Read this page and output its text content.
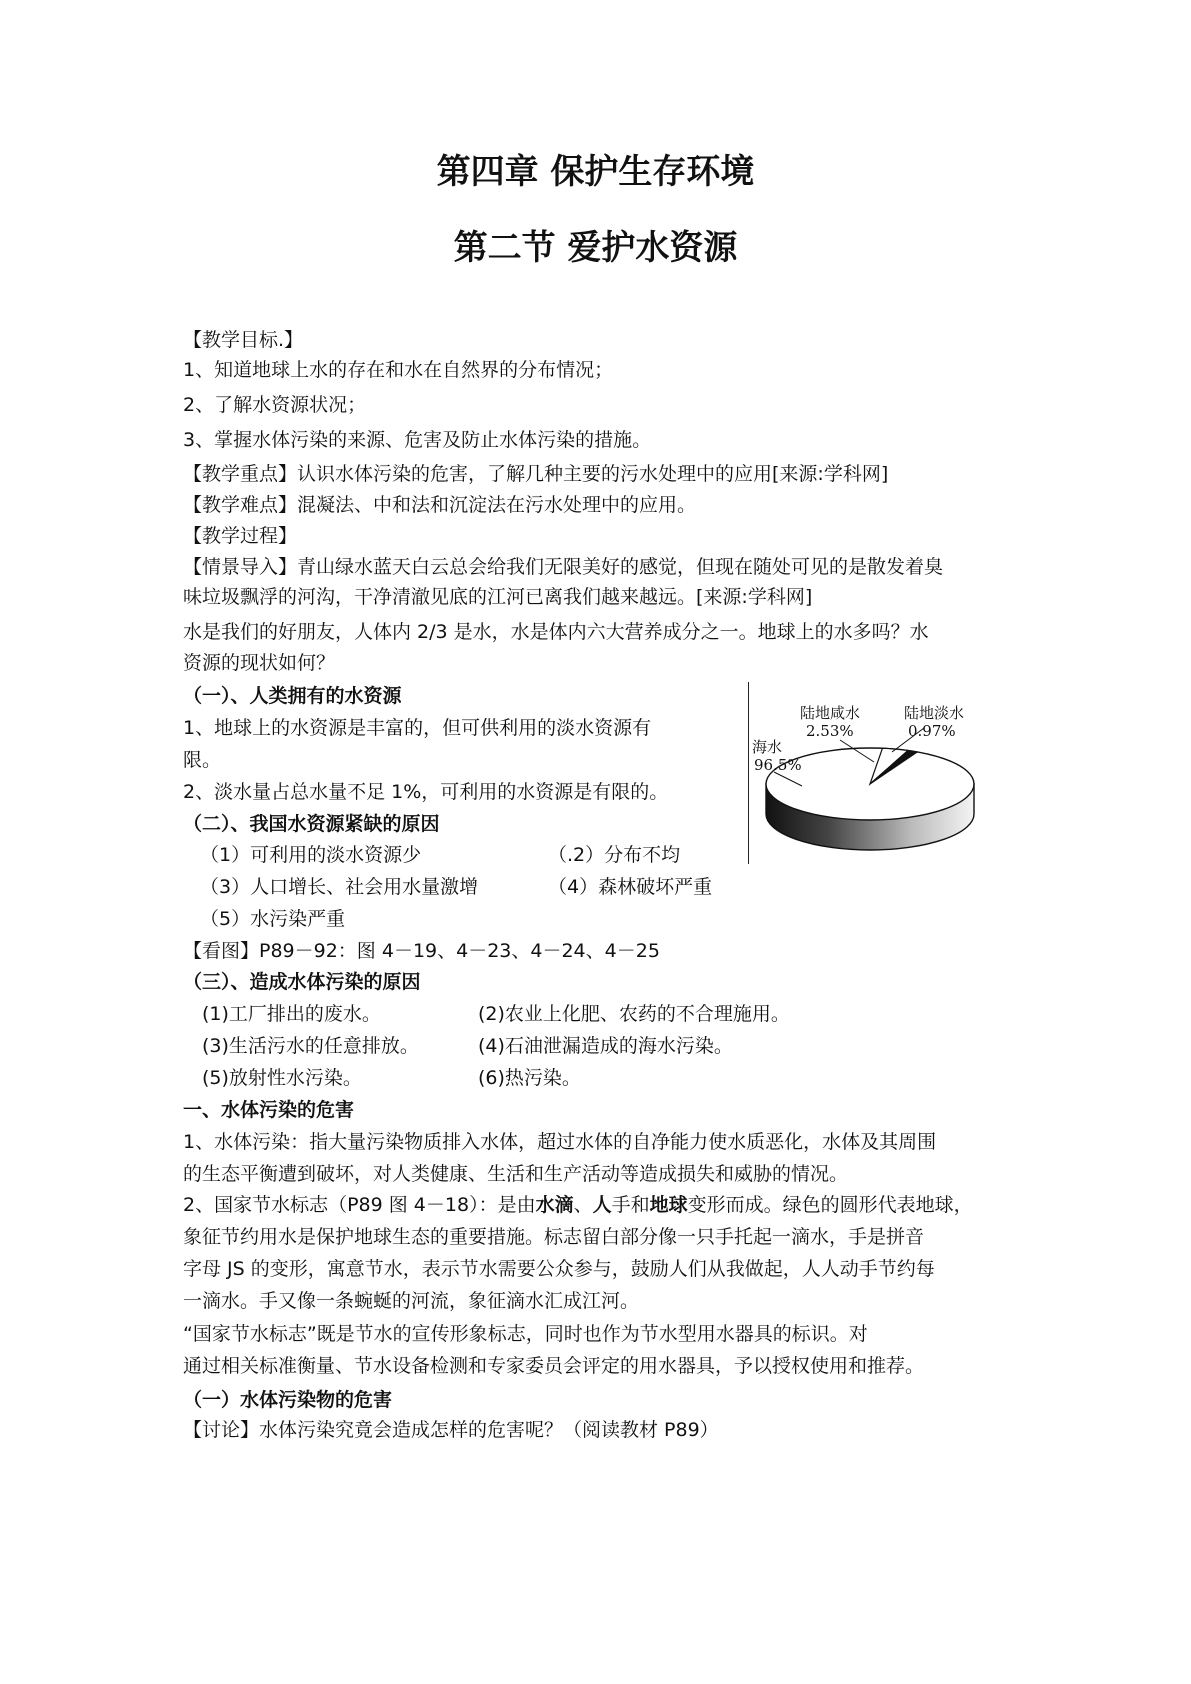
第四章 保护生存环境
第二节 爱护水资源
【教学目标.】
1、知道地球上水的存在和水在自然界的分布情况；
2、了解水资源状况；
3、掌握水体污染的来源、危害及防止水体污染的措施。
【教学重点】认识水体污染的危害，了解几种主要的污水处理中的应用[来源:学科网]
【教学难点】混凝法、中和法和沉淀法在污水处理中的应用。
【教学过程】
【情景导入】青山绿水蓝天白云总会给我们无限美好的感觉，但现在随处可见的是散发着臭
味垃圾飘浮的河沟，干净清澈见底的江河已离我们越来越远。[来源:学科网]
水是我们的好朋友，人体内 2/3 是水，水是体内六大营养成分之一。地球上的水多吗？水
资源的现状如何？
（一）、人类拥有的水资源
1、地球上的水资源是丰富的，但可供利用的淡水资源有
限。
2、淡水量占总水量不足 1%，可利用的水资源是有限的。
（二）、我国水资源紧缺的原因
（1）可利用的淡水资源少	（.2）分布不均
（3）人口增长、社会用水量激增	（4）森林破坏严重
（5）水污染严重
【看图】P89－92：图 4－19、4－23、4－24、4－25
（三）、造成水体污染的原因
(1)工厂排出的废水。	(2)农业上化肥、农药的不合理施用。
(3)生活污水的任意排放。	(4)石油泄漏造成的海水污染。
(5)放射性水污染。	(6)热污染。
一、水体污染的危害
1、水体污染：指大量污染物质排入水体，超过水体的自净能力使水质恶化，水体及其周围
的生态平衡遭到破坏，对人类健康、生活和生产活动等造成损失和威胁的情况。
2、国家节水标志（P89 图 4－18）：是由水滴、人手和地球变形而成。绿色的圆形代表地球，
象征节约用水是保护地球生态的重要措施。标志留白部分像一只手托起一滴水，手是拼音
字母 JS 的变形，寓意节水，表示节水需要公众参与，鼓励人们从我做起，人人动手节约每
一滴水。手又像一条蜿蜒的河流，象征滴水汇成江河。
“国家节水标志”既是节水的宣传形象标志，同时也作为节水型用水器具的标识。对
通过相关标准衡量、节水设备检测和专家委员会评定的用水器具，予以授权使用和推荐。
（一）水体污染物的危害
【讨论】水体污染究竟会造成怎样的危害呢？（阅读教材 P89）
陆地咸水
2.53%
陆地淡水
0.97%
海水
96.5%
